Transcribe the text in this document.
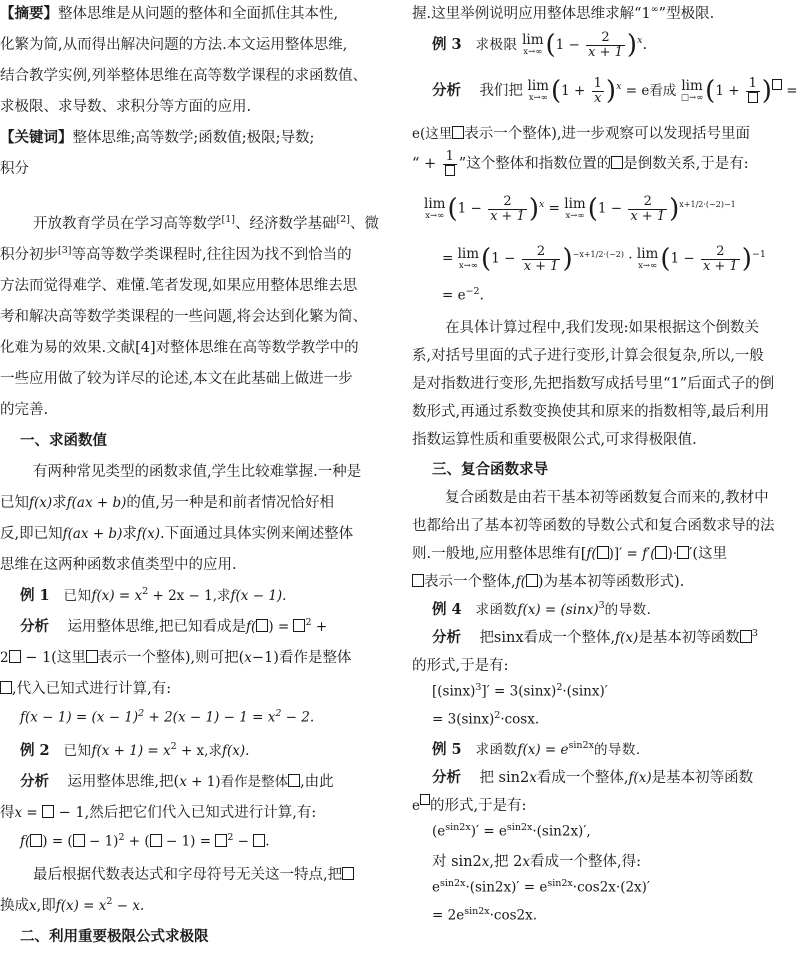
【摘要】整体思维是从问题的整体和全面抓住其本性,
化繁为简,从而得出解决问题的方法.本文运用整体思维,
结合教学实例,列举整体思维在高等数学课程的求函数值、
求极限、求导数、求积分等方面的应用.
【关键词】整体思维;高等数学;函数值;极限;导数;
积分
开放教育学员在学习高等数学[1]、经济数学基础[2]、微
积分初步[3]等高等数学类课程时,往往因为找不到恰当的
方法而觉得难学、难懂.笔者发现,如果应用整体思维去思
考和解决高等数学类课程的一些问题,将会达到化繁为简、
化难为易的效果.文献[4]对整体思维在高等数学教学中的
一些应用做了较为详尽的论述,本文在此基础上做进一步
的完善.
一、求函数值
有两种常见类型的函数求值,学生比较难掌握.一种是
已知f(x)求f(ax + b)的值,另一种是和前者情况恰好相
反,即已知f(ax + b)求f(x).下面通过具体实例来阐述整体
思维在这两种函数求值类型中的应用.
例 1 已知$f(x) = x^2 + 2x - 1$,求f(x − 1).
分析 运用整体思维,把已知看成是f( ) = $^2$ +
2 − 1(这里 表示一个整体),则可把(x−1)看作是整体
,代入已知式进行计算,有:
$f(x - 1) = (x - 1)^2 + 2(x - 1) - 1 = x^2 - 2$.
例 2 已知$f(x + 1) = x^2 + x$,求f(x).
分析 运用整体思维,把(x + 1)看作是整体 ,由此
得x =  − 1,然后把它们代入已知式进行计算,有:
f( ) = ( − 1)$^2$ + ( − 1) = $^2$ − .
最后根据代数表达式和字母符号无关这一特点,把
换成x,即$f(x) = x^2 - x$.
二、利用重要极限公式求极限
握.这里举例说明应用整体思维求解“1∞”型极限.
例 3 求极限 lim
x→∞ $(1 - \frac{2}{x + 1} )^x$.
分析 我们把 lim
x→∞ $(1 + \frac{1}{x} )^x = e$看成 lim
□→∞ (1 + 1 ) =
e(这里 表示一个整体),进一步观察可以发现括号里面
“ + 1 ”这个整体和指数位置的 是倒数关系,于是有:
lim
x→∞ $(1 - \frac{2}{x + 1} )^x = \lim$
x→∞ $(1 - \frac{2}{x + 1} )^{x+1/2\cdot(-2)-1}$
= lim
x→∞ $(1 - \frac{2}{x + 1} )^{-x+1/2\cdot(-2)} \cdot \lim$
x→∞ $(1 - \frac{2}{x + 1} )^{-1}$
= $e^{-2}$.
在具体计算过程中,我们发现:如果根据这个倒数关
系,对括号里面的式子进行变形,计算会很复杂,所以,一般
是对指数进行变形,先把指数写成括号里“1”后面式子的倒
数形式,再通过系数变换使其和原来的指数相等,最后利用
指数运算性质和重要极限公式,可求得极限值.
三、复合函数求导
复合函数是由若干基本初等函数复合而来的,教材中
也都给出了基本初等函数的导数公式和复合函数求导的法
则.一般地,应用整体思维有[f( )]′ = f′( )· ′(这里
表示一个整体,f( )为基本初等函数形式).
例 4 求函数$f(x) = (\sin x)^3$的导数.
分析 把sinx看成一个整体,f(x)是基本初等函数 $^3$
的形式,于是有:
$[(\sin x)^3]' = 3(\sin x)^2\cdot(\sin x)'$
= $3(\sin x)^2\cdot\cos x$.
例 5 求函数$f(x) = e^{sin2x}$的导数.
分析 把 sin2x看成一个整体,f(x)是基本初等函数
e 的形式,于是有:
$(e^{sin2x})' = e^{sin2x}\cdot(\sin 2x)'$,
对 sin2x,把 2x看成一个整体,得:
$e^{sin2x}\cdot(\sin 2x)' = e^{sin2x}\cdot\cos 2x\cdot(2x)'$
= $2e^{sin2x}\cdot\cos 2x$.
